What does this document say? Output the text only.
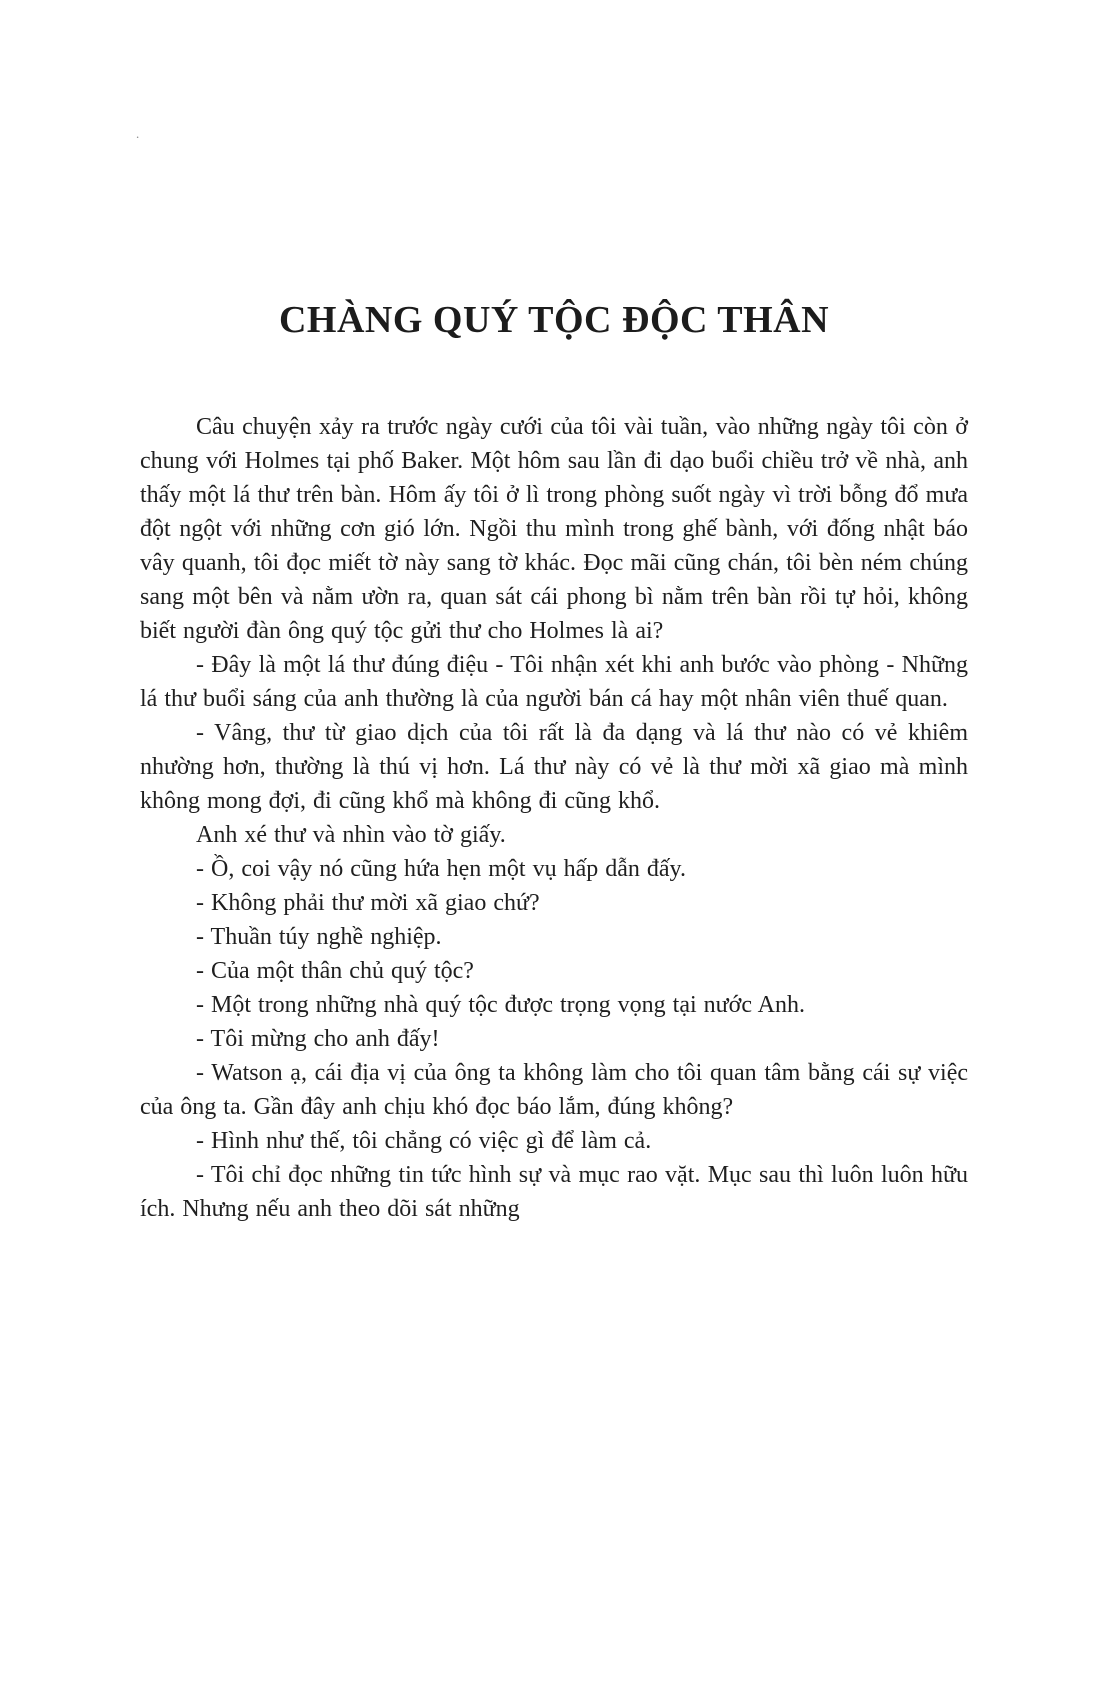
.
CHÀNG QUÝ TỘC ĐỘC THÂN

Câu chuyện xảy ra trước ngày cưới của tôi vài tuần, vào những ngày tôi còn ở chung với Holmes tại phố Baker. Một hôm sau lần đi dạo buổi chiều trở về nhà, anh thấy một lá thư trên bàn. Hôm ấy tôi ở lì trong phòng suốt ngày vì trời bỗng đổ mưa đột ngột với những cơn gió lớn. Ngồi thu mình trong ghế bành, với đống nhật báo vây quanh, tôi đọc miết tờ này sang tờ khác. Đọc mãi cũng chán, tôi bèn ném chúng sang một bên và nằm ườn ra, quan sát cái phong bì nằm trên bàn rồi tự hỏi, không biết người đàn ông quý tộc gửi thư cho Holmes là ai?

- Đây là một lá thư đúng điệu - Tôi nhận xét khi anh bước vào phòng - Những lá thư buổi sáng của anh thường là của người bán cá hay một nhân viên thuế quan.

- Vâng, thư từ giao dịch của tôi rất là đa dạng và lá thư nào có vẻ khiêm nhường hơn, thường là thú vị hơn. Lá thư này có vẻ là thư mời xã giao mà mình không mong đợi, đi cũng khổ mà không đi cũng khổ.

Anh xé thư và nhìn vào tờ giấy.

- Ồ, coi vậy nó cũng hứa hẹn một vụ hấp dẫn đấy.

- Không phải thư mời xã giao chứ?

- Thuần túy nghề nghiệp.

- Của một thân chủ quý tộc?

- Một trong những nhà quý tộc được trọng vọng tại nước Anh.

- Tôi mừng cho anh đấy!

- Watson ạ, cái địa vị của ông ta không làm cho tôi quan tâm bằng cái sự việc của ông ta. Gần đây anh chịu khó đọc báo lắm, đúng không?

- Hình như thế, tôi chẳng có việc gì để làm cả.

- Tôi chỉ đọc những tin tức hình sự và mục rao vặt. Mục sau thì luôn luôn hữu ích. Nhưng nếu anh theo dõi sát những
